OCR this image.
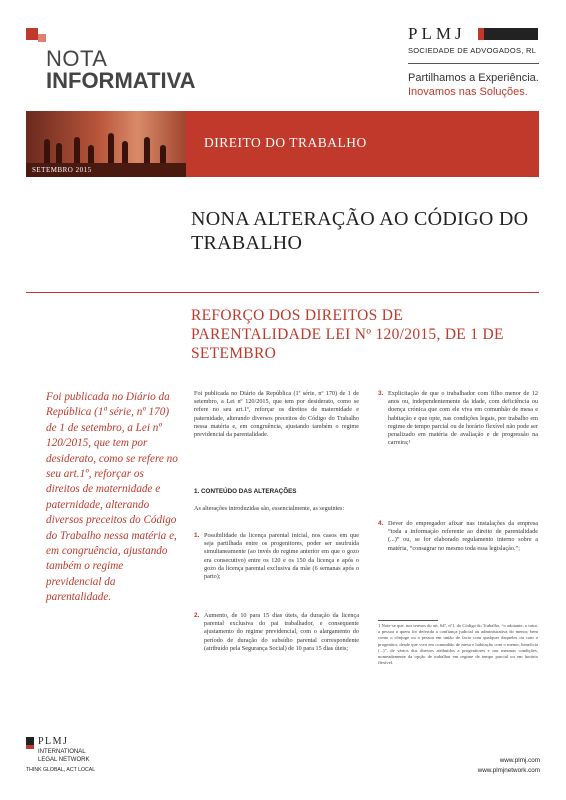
NOTA
INFORMATIVA
PLMJ
SOCIEDADE DE ADVOGADOS, RL
Partilhamos a Experiência.
Inovamos nas Soluções.
SETEMBRO 2015
DIREITO DO TRABALHO
NONA ALTERAÇÃO AO CÓDIGO DO TRABALHO
REFORÇO DOS DIREITOS DE PARENTALIDADE LEI Nº 120/2015, DE 1 DE SETEMBRO
Foi publicada no Diário da República (1ª série, nº 170) de 1 de setembro, a Lei nº 120/2015, que tem por desiderato, como se refere no seu art.1º, reforçar os direitos de maternidade e paternidade, alterando diversos preceitos do Código do Trabalho nessa matéria e, em congruência, ajustando também o regime previdencial da parentalidade.
Foi publicada no Diário da República (1ª série, nº 170) de 1 de setembro, a Lei nº 120/2015, que tem por desiderato, como se refere no seu art.1º, reforçar os direitos de maternidade e paternidade, alterando diversos preceitos do Código do Trabalho nessa matéria e, em congruência, ajustando também o regime previdencial da parentalidade.
1. CONTEÚDO DAS ALTERAÇÕES
As alterações introduzidas são, essencialmente, as seguintes:
1. Possibilidade da licença parental inicial, nos casos em que seja partilhada entre os progenitores, poder ser usufruída simultaneamente (ao invés do regime anterior em que o gozo era consecutivo) entre os 120 e os 150 da licença e após o gozo da licença parental exclusiva da mãe (6 semanas após o parto);
2. Aumento, de 10 para 15 dias úteis, da duração da licença parental exclusiva do pai trabalhador, e consequente ajustamento do regime previdencial, com o alargamento do período de duração do subsídio parental correspondente (atribuído pela Segurança Social) de 10 para 15 dias úteis;
3. Explicitação de que o trabalhador com filho menor de 12 anos ou, independentemente da idade, com deficiência ou doença crónica que com ele viva em comunhão de mesa e habitação e que opte, nas condições legais, por trabalho em regime de tempo parcial ou de horário flexível não pode ser penalizado em matéria de avaliação e de progressão na carreira;¹
4. Dever do empregador afixar nas instalações da empresa “toda a informação referente ao direito de parentalidade (...)” ou, se for elaborado regulamento interno sobre a matéria, “consagrar no mesmo toda essa legislação.”;
1 Note-se que, nos termos do art. 64º, nº1, do Código do Trabalho, “o adotante, o tutor, a pessoa a quem for deferida a confiança judicial ou administrativa do menor, bem como o cônjuge ou a pessoa em união de facto com qualquer daqueles ou com o progenitor, desde que viva em comunhão de mesa e habitação com o menor, beneficia (...)”, de vários dos direitos atribuídos a progenitores e nas mesmas condições, nomeadamente da opção de trabalhar em regime de tempo parcial ou em horário flexível.
PLMJ
INTERNATIONAL
LEGAL NETWORK
THINK GLOBAL, ACT LOCAL
www.plmj.com
www.plmjnetwork.com
